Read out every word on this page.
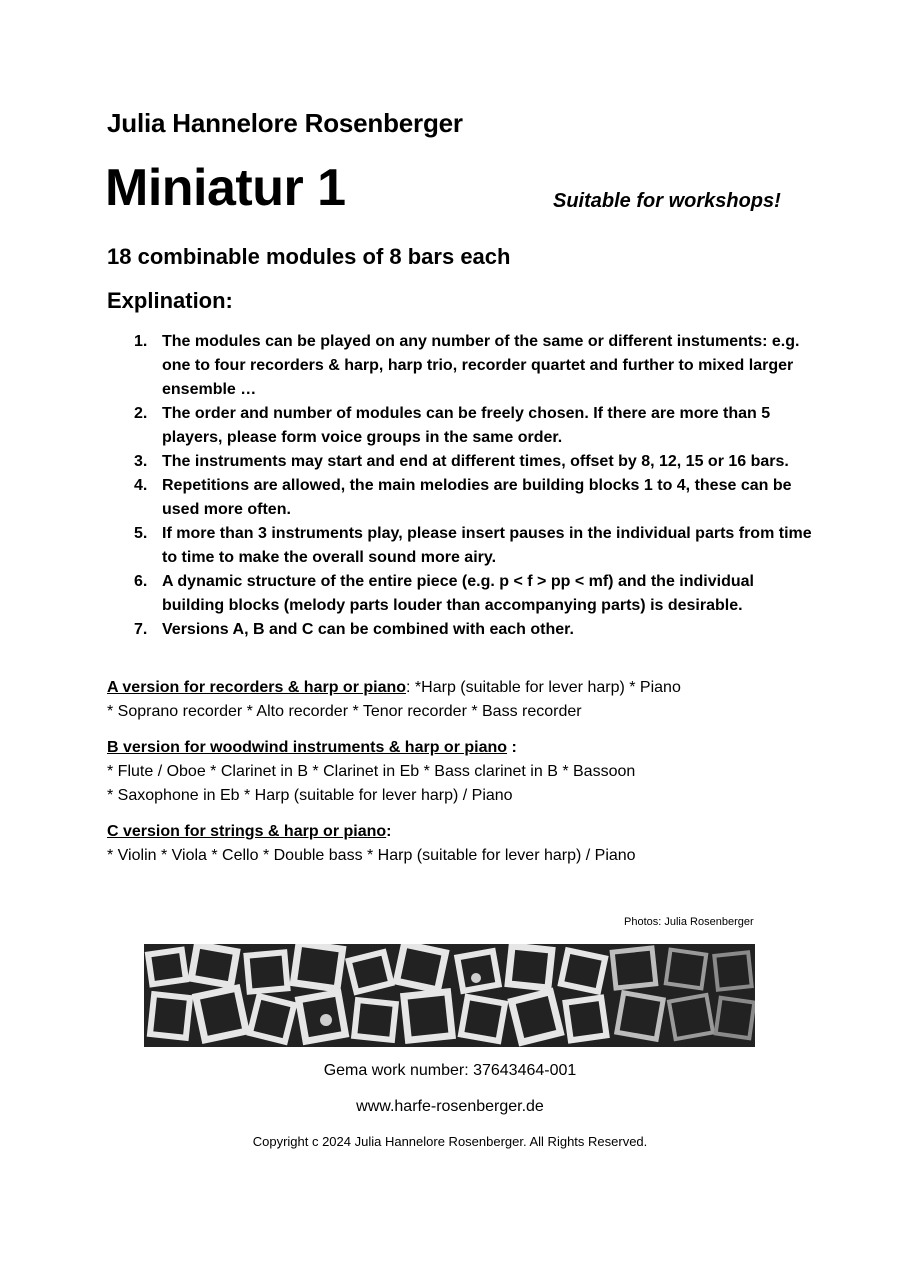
Julia Hannelore Rosenberger
Miniatur 1	Suitable for workshops!
18 combinable modules of 8 bars each
Explination:
1. The modules can be played on any number of the same or different instuments: e.g. one to four recorders & harp, harp trio, recorder quartet and further to mixed larger ensemble …
2. The order and number of modules can be freely chosen. If there are more than 5 players, please form voice groups in the same order.
3. The instruments may start and end at different times, offset by 8, 12, 15 or 16 bars.
4. Repetitions are allowed, the main melodies are building blocks 1 to 4, these can be used more often.
5. If more than 3 instruments play, please insert pauses in the individual parts from time to time to make the overall sound more airy.
6. A dynamic structure of the entire piece (e.g. p < f > pp < mf) and the individual building blocks (melody parts louder than accompanying parts) is desirable.
7. Versions A, B and C can be combined with each other.
A version for recorders & harp or piano: *Harp (suitable for lever harp) * Piano
* Soprano recorder * Alto recorder * Tenor recorder * Bass recorder
B version for woodwind instruments & harp or piano :
* Flute / Oboe * Clarinet in B * Clarinet in Eb * Bass clarinet in B * Bassoon
* Saxophone in Eb * Harp (suitable for lever harp) / Piano
C version for strings & harp or piano:
* Violin * Viola * Cello * Double bass * Harp (suitable for lever harp) / Piano
Photos: Julia Rosenberger
Gema work number: 37643464-001
www.harfe-rosenberger.de
Copyright c 2024 Julia Hannelore Rosenberger. All Rights Reserved.
